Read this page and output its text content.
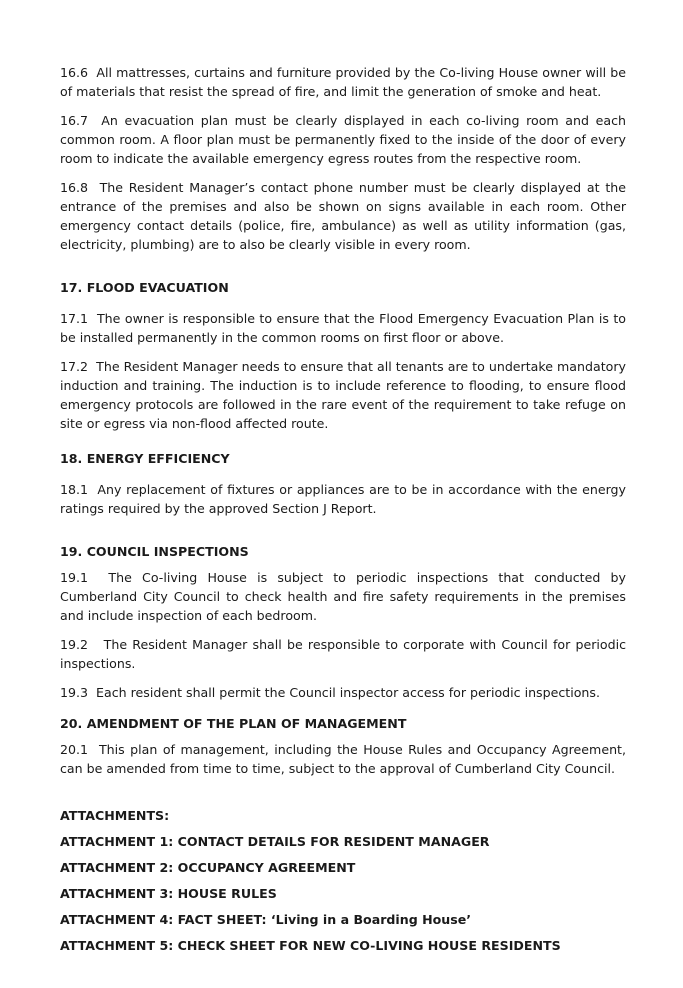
16.6  All mattresses, curtains and furniture provided by the Co-living House owner will be of materials that resist the spread of fire, and limit the generation of smoke and heat.

16.7  An evacuation plan must be clearly displayed in each co-living room and each common room. A floor plan must be permanently fixed to the inside of the door of every room to indicate the available emergency egress routes from the respective room.

16.8  The Resident Manager’s contact phone number must be clearly displayed at the entrance of the premises and also be shown on signs available in each room. Other emergency contact details (police, fire, ambulance) as well as utility information (gas, electricity, plumbing) are to also be clearly visible in every room.

17. FLOOD EVACUATION

17.1  The owner is responsible to ensure that the Flood Emergency Evacuation Plan is to be installed permanently in the common rooms on first floor or above.

17.2  The Resident Manager needs to ensure that all tenants are to undertake mandatory induction and training. The induction is to include reference to flooding, to ensure flood emergency protocols are followed in the rare event of the requirement to take refuge on site or egress via non-flood affected route.

18. ENERGY EFFICIENCY

18.1  Any replacement of fixtures or appliances are to be in accordance with the energy ratings required by the approved Section J Report.

19. COUNCIL INSPECTIONS

19.1  The Co-living House is subject to periodic inspections that conducted by Cumberland City Council to check health and fire safety requirements in the premises and include inspection of each bedroom.

19.2   The Resident Manager shall be responsible to corporate with Council for periodic inspections.

19.3  Each resident shall permit the Council inspector access for periodic inspections.

20. AMENDMENT OF THE PLAN OF MANAGEMENT

20.1  This plan of management, including the House Rules and Occupancy Agreement, can be amended from time to time, subject to the approval of Cumberland City Council.

ATTACHMENTS:
ATTACHMENT 1: CONTACT DETAILS FOR RESIDENT MANAGER
ATTACHMENT 2: OCCUPANCY AGREEMENT
ATTACHMENT 3: HOUSE RULES
ATTACHMENT 4: FACT SHEET: ‘Living in a Boarding House’
ATTACHMENT 5: CHECK SHEET FOR NEW CO-LIVING HOUSE RESIDENTS
